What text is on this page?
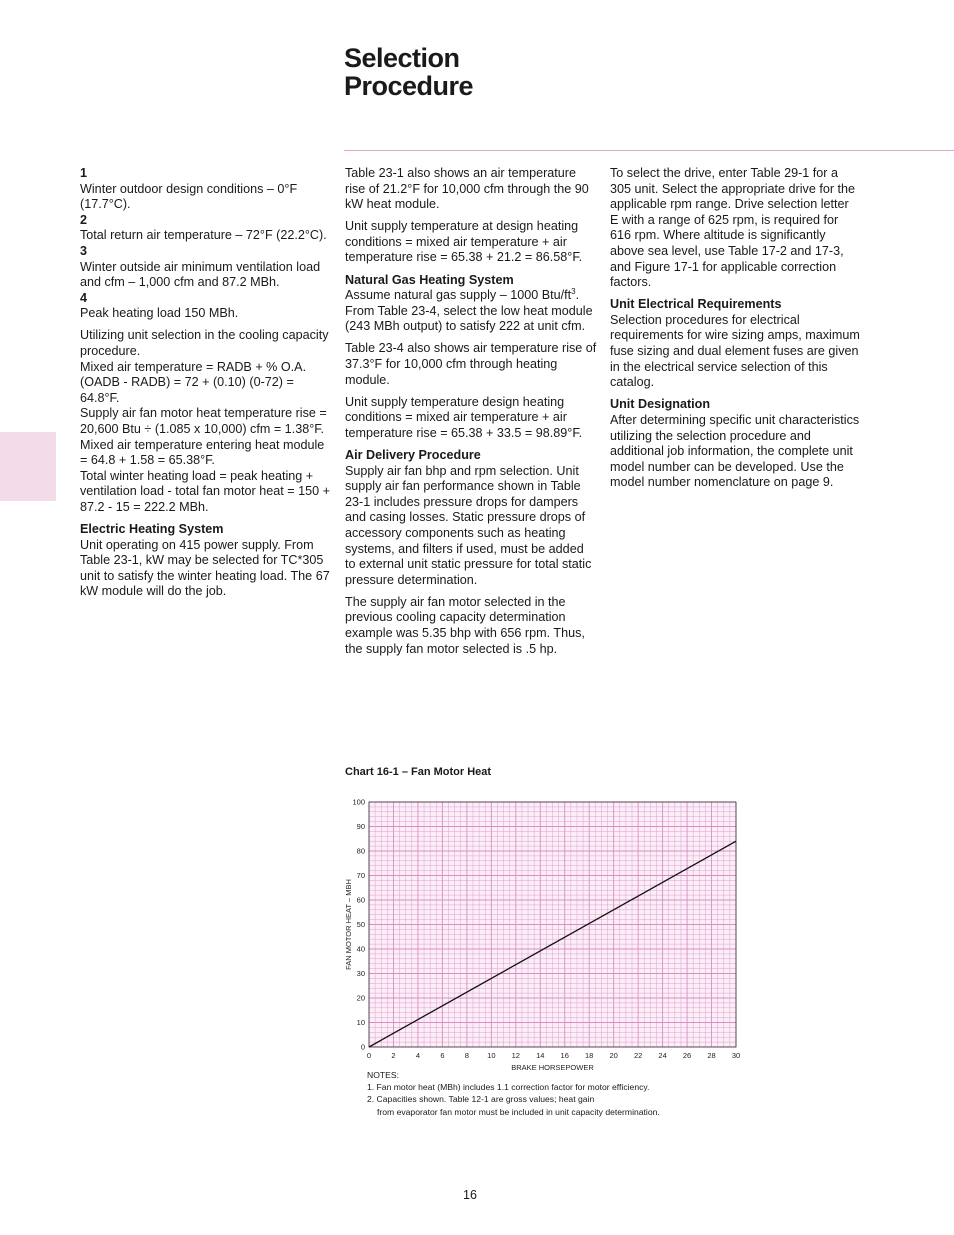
Selection
Procedure

1
Winter outdoor design conditions – 0°F (17.7°C).

2
Total return air temperature – 72°F (22.2°C).

3
Winter outside air minimum ventilation load and cfm – 1,000 cfm and 87.2 MBh.

4
Peak heating load 150 MBh.

Utilizing unit selection in the cooling capacity procedure.

Mixed air temperature = RADB + % O.A. (OADB - RADB) = 72 + (0.10) (0-72) = 64.8°F.

Supply air fan motor heat temperature rise = 20,600 Btu ÷ (1.085 x 10,000) cfm = 1.38°F.

Mixed air temperature entering heat module = 64.8 + 1.58 = 65.38°F.

Total winter heating load = peak heating + ventilation load - total fan motor heat = 150 + 87.2 - 15 = 222.2 MBh.

Electric Heating System
Unit operating on 415 power supply. From Table 23-1, kW may be selected for TC*305 unit to satisfy the winter heating load. The 67 kW module will do the job.

Table 23-1 also shows an air temperature rise of 21.2°F for 10,000 cfm through the 90 kW heat module.

Unit supply temperature at design heating conditions = mixed air temperature + air temperature rise = 65.38 + 21.2 = 86.58°F.

Natural Gas Heating System
Assume natural gas supply – 1000 Btu/$ft^3$. From Table 23-4, select the low heat module (243 MBh output) to satisfy 222 at unit cfm.

Table 23-4 also shows air temperature rise of 37.3°F for 10,000 cfm through heating module.

Unit supply temperature design heating conditions = mixed air temperature + air temperature rise = 65.38 + 33.5 = 98.89°F.

Air Delivery Procedure
Supply air fan bhp and rpm selection. Unit supply air fan performance shown in Table 23-1 includes pressure drops for dampers and casing losses. Static pressure drops of accessory components such as heating systems, and filters if used, must be added to external unit static pressure for total static pressure determination.

The supply air fan motor selected in the previous cooling capacity determination example was 5.35 bhp with 656 rpm. Thus, the supply fan motor selected is .5 hp.

To select the drive, enter Table 29-1 for a 305 unit. Select the appropriate drive for the applicable rpm range. Drive selection letter E with a range of 625 rpm, is required for 616 rpm. Where altitude is significantly above sea level, use Table 17-2 and 17-3, and Figure 17-1 for applicable correction factors.

Unit Electrical Requirements
Selection procedures for electrical requirements for wire sizing amps, maximum fuse sizing and dual element fuses are given in the electrical service selection of this catalog.

Unit Designation
After determining specific unit characteristics utilizing the selection procedure and additional job information, the complete unit model number can be developed. Use the model number nomenclature on page 9.

Chart 16-1 – Fan Motor Heat
0	2	4	6	8 10 12 14 16 18 20 22 24 26 28 30
0
10
20
30
40
50
60
70
80
90
100
BRAKE HORSEPOWER
FAN MOTOR HEAT – MBH
NOTES:
1. Fan motor heat (MBh) includes 1.1 correction factor for motor efficiency.
2. Capacities shown. Table 12-1 are gross values; heat gain
from evaporator fan motor must be included in unit capacity determination.
16
